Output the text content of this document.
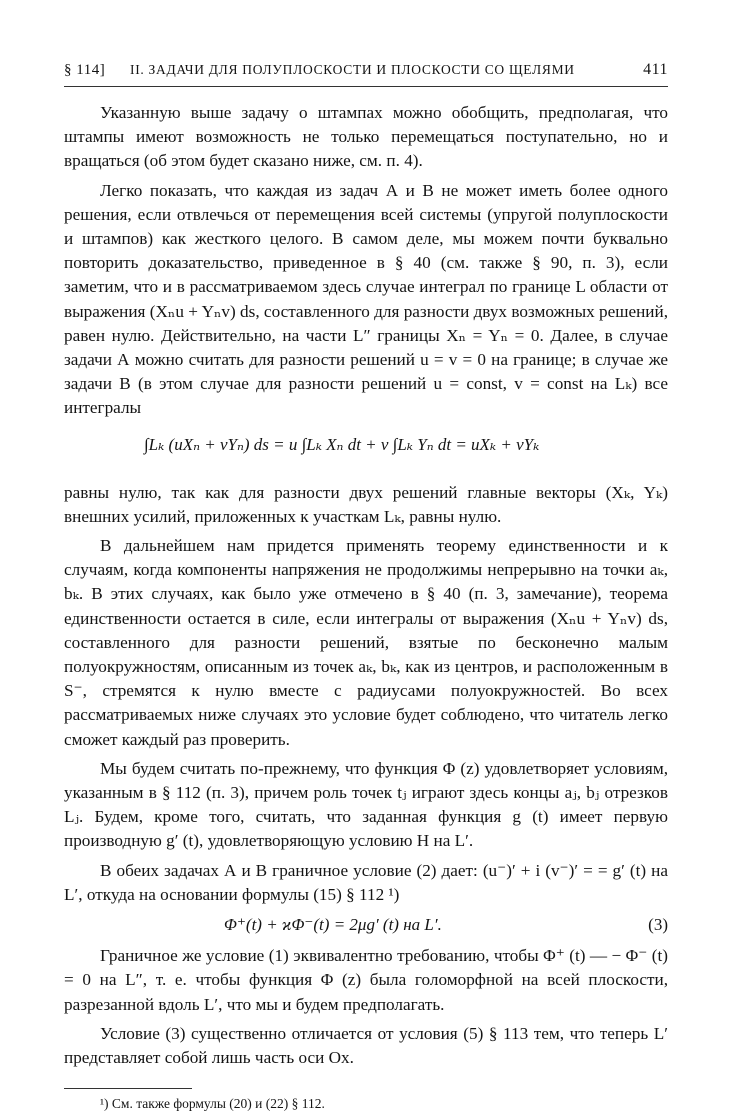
§ 114] II. ЗАДАЧИ ДЛЯ ПОЛУПЛОСКОСТИ И ПЛОСКОСТИ СО ЩЕЛЯМИ	411

Указанную выше задачу о штампах можно обобщить, предполагая, что штампы имеют возможность не только перемещаться поступательно, но и вращаться (об этом будет сказано ниже, см. п. 4).

Легко показать, что каждая из задач А и В не может иметь более одного решения, если отвлечься от перемещения всей системы (упругой полуплоскости и штампов) как жесткого целого. В самом деле, мы можем почти буквально повторить доказательство, приведенное в § 40 (см. также § 90, п. 3), если заметим, что и в рассматриваемом здесь случае интеграл по границе L области от выражения (Xₙu + Yₙv) ds, составленного для разности двух возможных решений, равен нулю. Действительно, на части L″ границы Xₙ = Yₙ = 0. Далее, в случае задачи А можно считать для разности решений u = v = 0 на границе; в случае же задачи В (в этом случае для разности решений u = const, v = const на Lₖ) все интегралы

∫Lₖ (uXₙ + vYₙ) ds = u ∫Lₖ Xₙ dt + v ∫Lₖ Yₙ dt = uXₖ + vYₖ

равны нулю, так как для разности двух решений главные векторы (Xₖ, Yₖ) внешних усилий, приложенных к участкам Lₖ, равны нулю.

В дальнейшем нам придется применять теорему единственности и к случаям, когда компоненты напряжения не продолжимы непрерывно на точки aₖ, bₖ. В этих случаях, как было уже отмечено в § 40 (п. 3, замечание), теорема единственности остается в силе, если интегралы от выражения (Xₙu + Yₙv) ds, составленного для разности решений, взятые по бесконечно малым полуокружностям, описанным из точек aₖ, bₖ, как из центров, и расположенным в S⁻, стремятся к нулю вместе с радиусами полуокружностей. Во всех рассматриваемых ниже случаях это условие будет соблюдено, что читатель легко сможет каждый раз проверить.

Мы будем считать по-прежнему, что функция Φ (z) удовлетворяет условиям, указанным в § 112 (п. 3), причем роль точек tⱼ играют здесь концы aⱼ, bⱼ отрезков Lⱼ. Будем, кроме того, считать, что заданная функция g (t) имеет первую производную g′ (t), удовлетворяющую условию H на L′.

В обеих задачах А и В граничное условие (2) дает: (u⁻)′ + i (v⁻)′ = = g′ (t) на L′, откуда на основании формулы (15) § 112 ¹)

Φ⁺(t) + ϰΦ⁻(t) = 2μg′ (t) на L′.	(3)

Граничное же условие (1) эквивалентно требованию, чтобы Φ⁺ (t) — − Φ⁻ (t) = 0 на L″, т. е. чтобы функция Φ (z) была голоморфной на всей плоскости, разрезанной вдоль L′, что мы и будем предполагать.

Условие (3) существенно отличается от условия (5) § 113 тем, что теперь L′ представляет собой лишь часть оси Ox.

¹) См. также формулы (20) и (22) § 112.
